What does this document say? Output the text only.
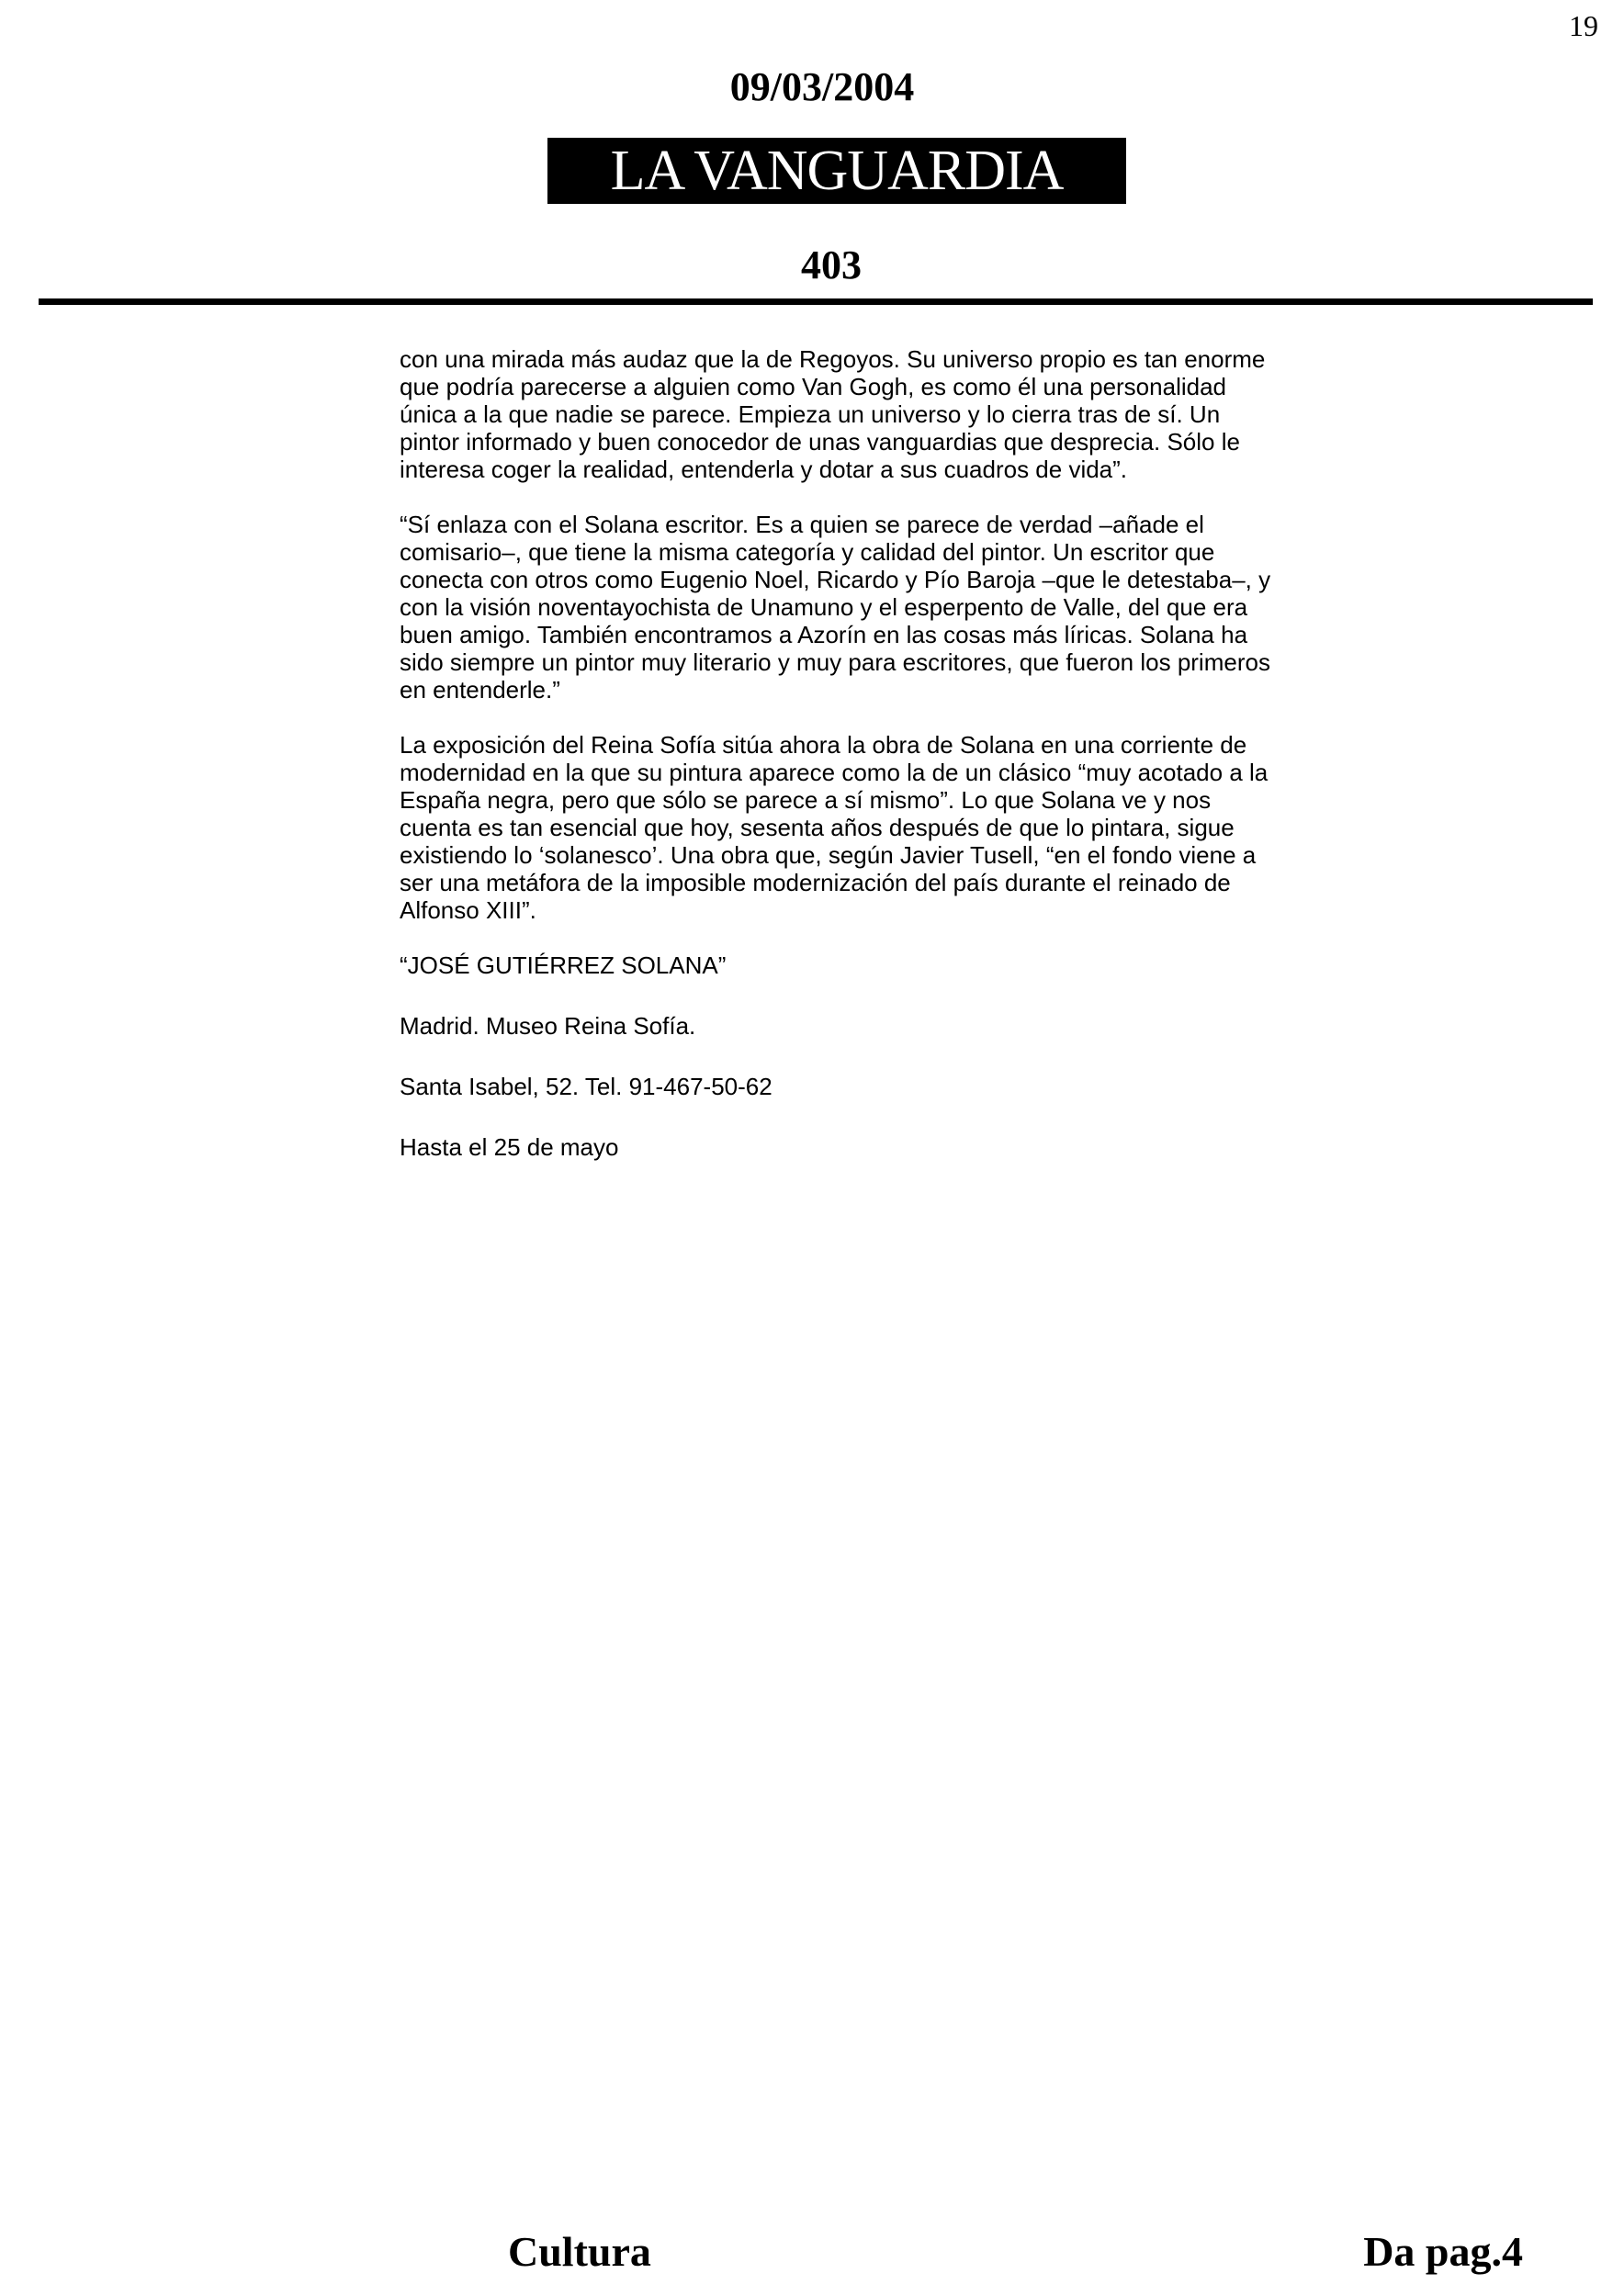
19
09/03/2004
LA VANGUARDIA
403

con una mirada más audaz que la de Regoyos. Su universo propio es tan enorme que podría parecerse a alguien como Van Gogh, es como él una personalidad única a la que nadie se parece. Empieza un universo y lo cierra tras de sí. Un pintor informado y buen conocedor de unas vanguardias que desprecia. Sólo le interesa coger la realidad, entenderla y dotar a sus cuadros de vida”.

“Sí enlaza con el Solana escritor. Es a quien se parece de verdad –añade el comisario–, que tiene la misma categoría y calidad del pintor. Un escritor que conecta con otros como Eugenio Noel, Ricardo y Pío Baroja –que le detestaba–, y con la visión noventayochista de Unamuno y el esperpento de Valle, del que era buen amigo. También encontramos a Azorín en las cosas más líricas. Solana ha sido siempre un pintor muy literario y muy para escritores, que fueron los primeros en entenderle.”

La exposición del Reina Sofía sitúa ahora la obra de Solana en una corriente de modernidad en la que su pintura aparece como la de un clásico “muy acotado a la España negra, pero que sólo se parece a sí mismo”. Lo que Solana ve y nos cuenta es tan esencial que hoy, sesenta años después de que lo pintara, sigue existiendo lo ‘solanesco’. Una obra que, según Javier Tusell, “en el fondo viene a ser una metáfora de la imposible modernización del país durante el reinado de Alfonso XIII”.

“JOSÉ GUTIÉRREZ SOLANA”

Madrid. Museo Reina Sofía.

Santa Isabel, 52. Tel. 91-467-50-62

Hasta el 25 de mayo

Cultura	Da pag.4
